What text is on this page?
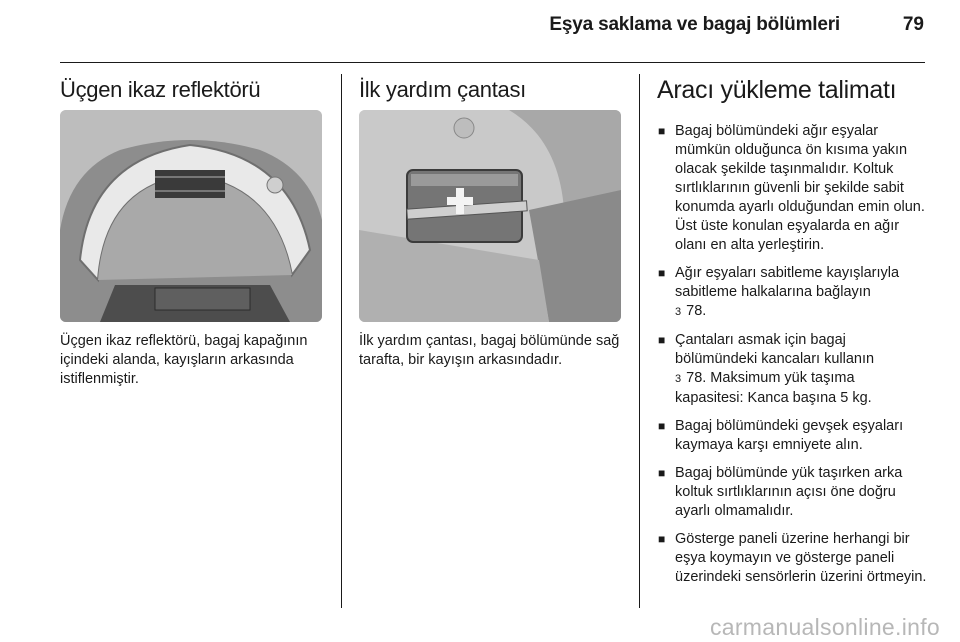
Eşya saklama ve bagaj bölümleri	79
Üçgen ikaz reflektörü

Üçgen ikaz reflektörü, bagaj kapağının içindeki alanda, kayışların arkasında istiflenmiştir.

İlk yardım çantası

İlk yardım çantası, bagaj bölümünde sağ tarafta, bir kayışın arkasındadır.

Aracı yükleme talimatı
■ Bagaj bölümündeki ağır eşyalar mümkün olduğunca ön kısıma yakın olacak şekilde taşınmalıdır. Koltuk sırtlıklarının güvenli bir şekilde sabit konumda ayarlı olduğundan emin olun. Üst üste konulan eşyalarda en ağır olanı en alta yerleştirin.
■ Ağır eşyaları sabitleme kayışlarıyla sabitleme halkalarına bağlayın
3 78.
■ Çantaları asmak için bagaj bölümündeki kancaları kullanın
3 78. Maksimum yük taşıma kapasitesi: Kanca başına 5 kg.
■ Bagaj bölümündeki gevşek eşyaları kaymaya karşı emniyete alın.
■ Bagaj bölümünde yük taşırken arka koltuk sırtlıklarının açısı öne doğru ayarlı olmamalıdır.
■ Gösterge paneli üzerine herhangi bir eşya koymayın ve gösterge paneli üzerindeki sensörlerin üzerini örtmeyin.
carmanualsonline.info
